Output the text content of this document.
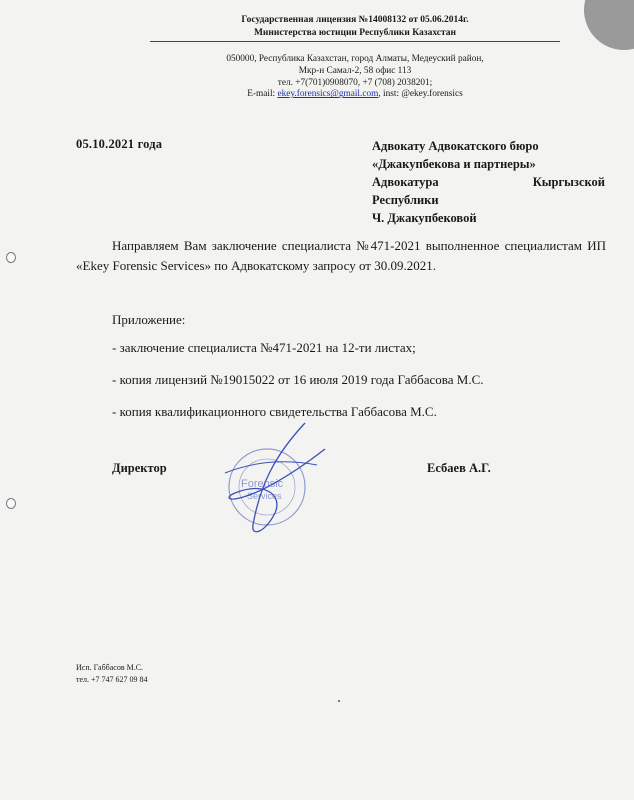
Государственная лицензия №14008132 от 05.06.2014г.
Министерства юстиции Республики Казахстан
050000, Республика Казахстан, город Алматы, Медеуский район,
Мкр-н Самал-2, 58 офис 113
тел. +7(701)0908070, +7 (708) 2038201;
E-mail: ekey.forensics@gmail.com, inst: @ekey.forensics
05.10.2021 года	Адвокату Адвокатского бюро
«Джакупбекова и партнеры»
Адвокатура	Кыргызской
Республики
Ч. Джакупбековой
Направляем Вам заключение специалиста №471-2021 выполненное специалистам ИП «Ekey Forensic Services» по Адвокатскому запросу от 30.09.2021.
Приложение:
- заключение специалиста №471-2021 на 12-ти листах;
- копия лицензий №19015022 от 16 июля 2019 года Габбасова М.С.
- копия квалификационного свидетельства Габбасова М.С.
Forensic
Services
Директор	Есбаев А.Г.
Исп. Габбасов М.С.
тел. +7 747 627 09 84
